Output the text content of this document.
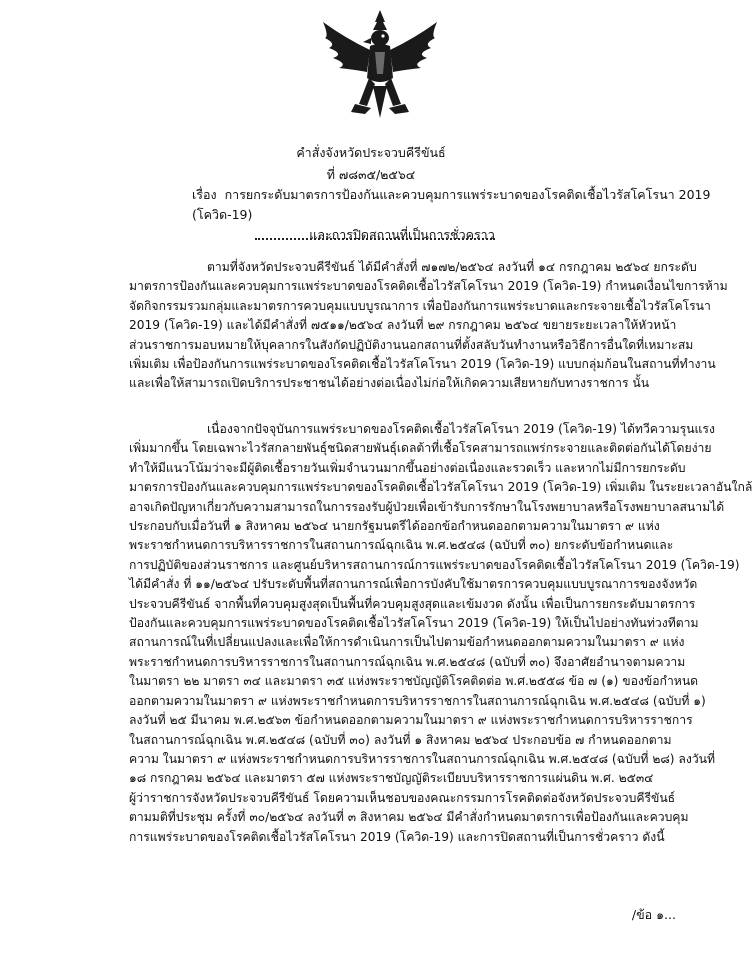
คำสั่งจังหวัดประจวบคีรีขันธ์
ที่ ๗๘๓๕/๒๕๖๔
เรื่อง การยกระดับมาตรการป้องกันและควบคุมการแพร่ระบาดของโรคติดเชื้อไวรัสโคโรนา 2019 (โควิด-19)
และการปิดสถานที่เป็นการชั่วคราว
ตามที่จังหวัดประจวบคีรีขันธ์ ได้มีคำสั่งที่ ๗๑๗๒/๒๕๖๔ ลงวันที่ ๑๔ กรกฎาคม ๒๕๖๔ ยกระดับ
มาตรการป้องกันและควบคุมการแพร่ระบาดของโรคติดเชื้อไวรัสโคโรนา 2019 (โควิด-19) กำหนดเงื่อนไขการห้าม
จัดกิจกรรมรวมกลุ่มและมาตรการควบคุมแบบบูรณาการ เพื่อป้องกันการแพร่ระบาดและกระจายเชื้อไวรัสโคโรนา
2019 (โควิด-19) และได้มีคำสั่งที่ ๗๕๑๑/๒๕๖๔ ลงวันที่ ๒๙ กรกฎาคม ๒๕๖๔ ขยายระยะเวลาให้หัวหน้า
ส่วนราชการมอบหมายให้บุคลากรในสังกัดปฏิบัติงานนอกสถานที่ตั้งสลับวันทำงานหรือวิธีการอื่นใดที่เหมาะสม
เพิ่มเติม เพื่อป้องกันการแพร่ระบาดของโรคติดเชื้อไวรัสโคโรนา 2019 (โควิด-19) แบบกลุ่มก้อนในสถานที่ทำงาน
และเพื่อให้สามารถเปิดบริการประชาชนได้อย่างต่อเนื่องไม่ก่อให้เกิดความเสียหายกับทางราชการ นั้น
เนื่องจากปัจจุบันการแพร่ระบาดของโรคติดเชื้อไวรัสโคโรนา 2019 (โควิด-19) ได้ทวีความรุนแรง
เพิ่มมากขึ้น โดยเฉพาะไวรัสกลายพันธุ์ชนิดสายพันธุ์เดลต้าที่เชื้อโรคสามารถแพร่กระจายและติดต่อกันได้โดยง่าย
ทำให้มีแนวโน้มว่าจะมีผู้ติดเชื้อรายวันเพิ่มจำนวนมากขึ้นอย่างต่อเนื่องและรวดเร็ว และหากไม่มีการยกระดับ
มาตรการป้องกันและควบคุมการแพร่ระบาดของโรคติดเชื้อไวรัสโคโรนา 2019 (โควิด-19) เพิ่มเติม ในระยะเวลาอันใกล้
อาจเกิดปัญหาเกี่ยวกับความสามารถในการรองรับผู้ป่วยเพื่อเข้ารับการรักษาในโรงพยาบาลหรือโรงพยาบาลสนามได้
ประกอบกับเมื่อวันที่ ๑ สิงหาคม ๒๕๖๔ นายกรัฐมนตรีได้ออกข้อกำหนดออกตามความในมาตรา ๙ แห่ง
พระราชกำหนดการบริหารราชการในสถานการณ์ฉุกเฉิน พ.ศ.๒๕๔๘ (ฉบับที่ ๓๐) ยกระดับข้อกำหนดและ
การปฏิบัติของส่วนราชการ และศูนย์บริหารสถานการณ์การแพร่ระบาดของโรคติดเชื้อไวรัสโคโรนา 2019 (โควิด-19)
ได้มีคำสั่ง ที่ ๑๑/๒๕๖๔ ปรับระดับพื้นที่สถานการณ์เพื่อการบังคับใช้มาตรการควบคุมแบบบูรณาการของจังหวัด
ประจวบคีรีขันธ์ จากพื้นที่ควบคุมสูงสุดเป็นพื้นที่ควบคุมสูงสุดและเข้มงวด ดังนั้น เพื่อเป็นการยกระดับมาตรการ
ป้องกันและควบคุมการแพร่ระบาดของโรคติดเชื้อไวรัสโคโรนา 2019 (โควิด-19) ให้เป็นไปอย่างทันท่วงทีตาม
สถานการณ์ในที่เปลี่ยนแปลงและเพื่อให้การดำเนินการเป็นไปตามข้อกำหนดออกตามความในมาตรา ๙ แห่ง
พระราชกำหนดการบริหารราชการในสถานการณ์ฉุกเฉิน พ.ศ.๒๕๔๘ (ฉบับที่ ๓๐) จึงอาศัยอำนาจตามความ
ในมาตรา ๒๒ มาตรา ๓๔ และมาตรา ๓๕ แห่งพระราชบัญญัติโรคติดต่อ พ.ศ.๒๕๕๘ ข้อ ๗ (๑) ของข้อกำหนด
ออกตามความในมาตรา ๙ แห่งพระราชกำหนดการบริหารราชการในสถานการณ์ฉุกเฉิน พ.ศ.๒๕๔๘ (ฉบับที่ ๑)
ลงวันที่ ๒๕ มีนาคม พ.ศ.๒๕๖๓ ข้อกำหนดออกตามความในมาตรา ๙ แห่งพระราชกำหนดการบริหารราชการ
ในสถานการณ์ฉุกเฉิน พ.ศ.๒๕๔๘ (ฉบับที่ ๓๐) ลงวันที่ ๑ สิงหาคม ๒๕๖๔ ประกอบข้อ ๗ กำหนดออกตาม
ความ ในมาตรา ๙ แห่งพระราชกำหนดการบริหารราชการในสถานการณ์ฉุกเฉิน พ.ศ.๒๕๔๘ (ฉบับที่ ๒๘) ลงวันที่
๑๘ กรกฎาคม ๒๕๖๔ และมาตรา ๕๗ แห่งพระราชบัญญัติระเบียบบริหารราชการแผ่นดิน พ.ศ. ๒๕๓๔
ผู้ว่าราชการจังหวัดประจวบคีรีขันธ์ โดยความเห็นชอบของคณะกรรมการโรคติดต่อจังหวัดประจวบคีรีขันธ์
ตามมติที่ประชุม ครั้งที่ ๓๐/๒๕๖๔ ลงวันที่ ๓ สิงหาคม ๒๕๖๔ มีคำสั่งกำหนดมาตรการเพื่อป้องกันและควบคุม
การแพร่ระบาดของโรคติดเชื้อไวรัสโคโรนา 2019 (โควิด-19) และการปิดสถานที่เป็นการชั่วคราว ดังนี้
/ข้อ ๑...
